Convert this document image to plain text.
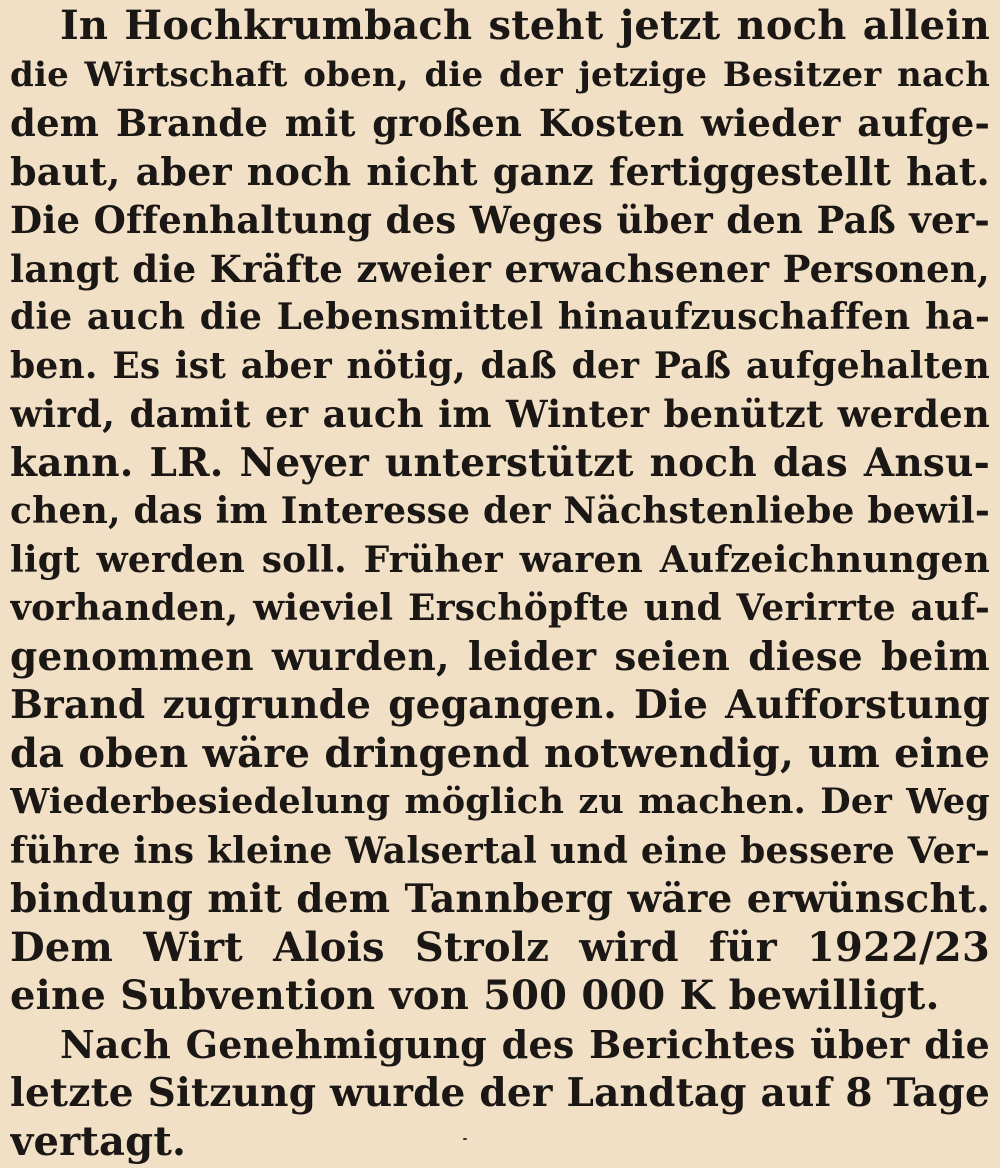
In Hochkrumbach steht jetzt noch allein
die Wirtschaft oben, die der jetzige Besitzer nach
dem Brande mit großen Kosten wieder aufge-
baut, aber noch nicht ganz fertiggestellt hat.
Die Offenhaltung des Weges über den Paß ver-
langt die Kräfte zweier erwachsener Personen,
die auch die Lebensmittel hinaufzuschaffen ha-
ben. Es ist aber nötig, daß der Paß aufgehalten
wird, damit er auch im Winter benützt werden
kann. LR. Neyer unterstützt noch das Ansu-
chen, das im Interesse der Nächstenliebe bewil-
ligt werden soll. Früher waren Aufzeichnungen
vorhanden, wieviel Erschöpfte und Verirrte auf-
genommen wurden, leider seien diese beim
Brand zugrunde gegangen. Die Aufforstung
da oben wäre dringend notwendig, um eine
Wiederbesiedelung möglich zu machen. Der Weg
führe ins kleine Walsertal und eine bessere Ver-
bindung mit dem Tannberg wäre erwünscht.
Dem Wirt Alois Strolz wird für 1922/23
eine Subvention von 500 000 K bewilligt.
Nach Genehmigung des Berichtes über die
letzte Sitzung wurde der Landtag auf 8 Tage
vertagt.
